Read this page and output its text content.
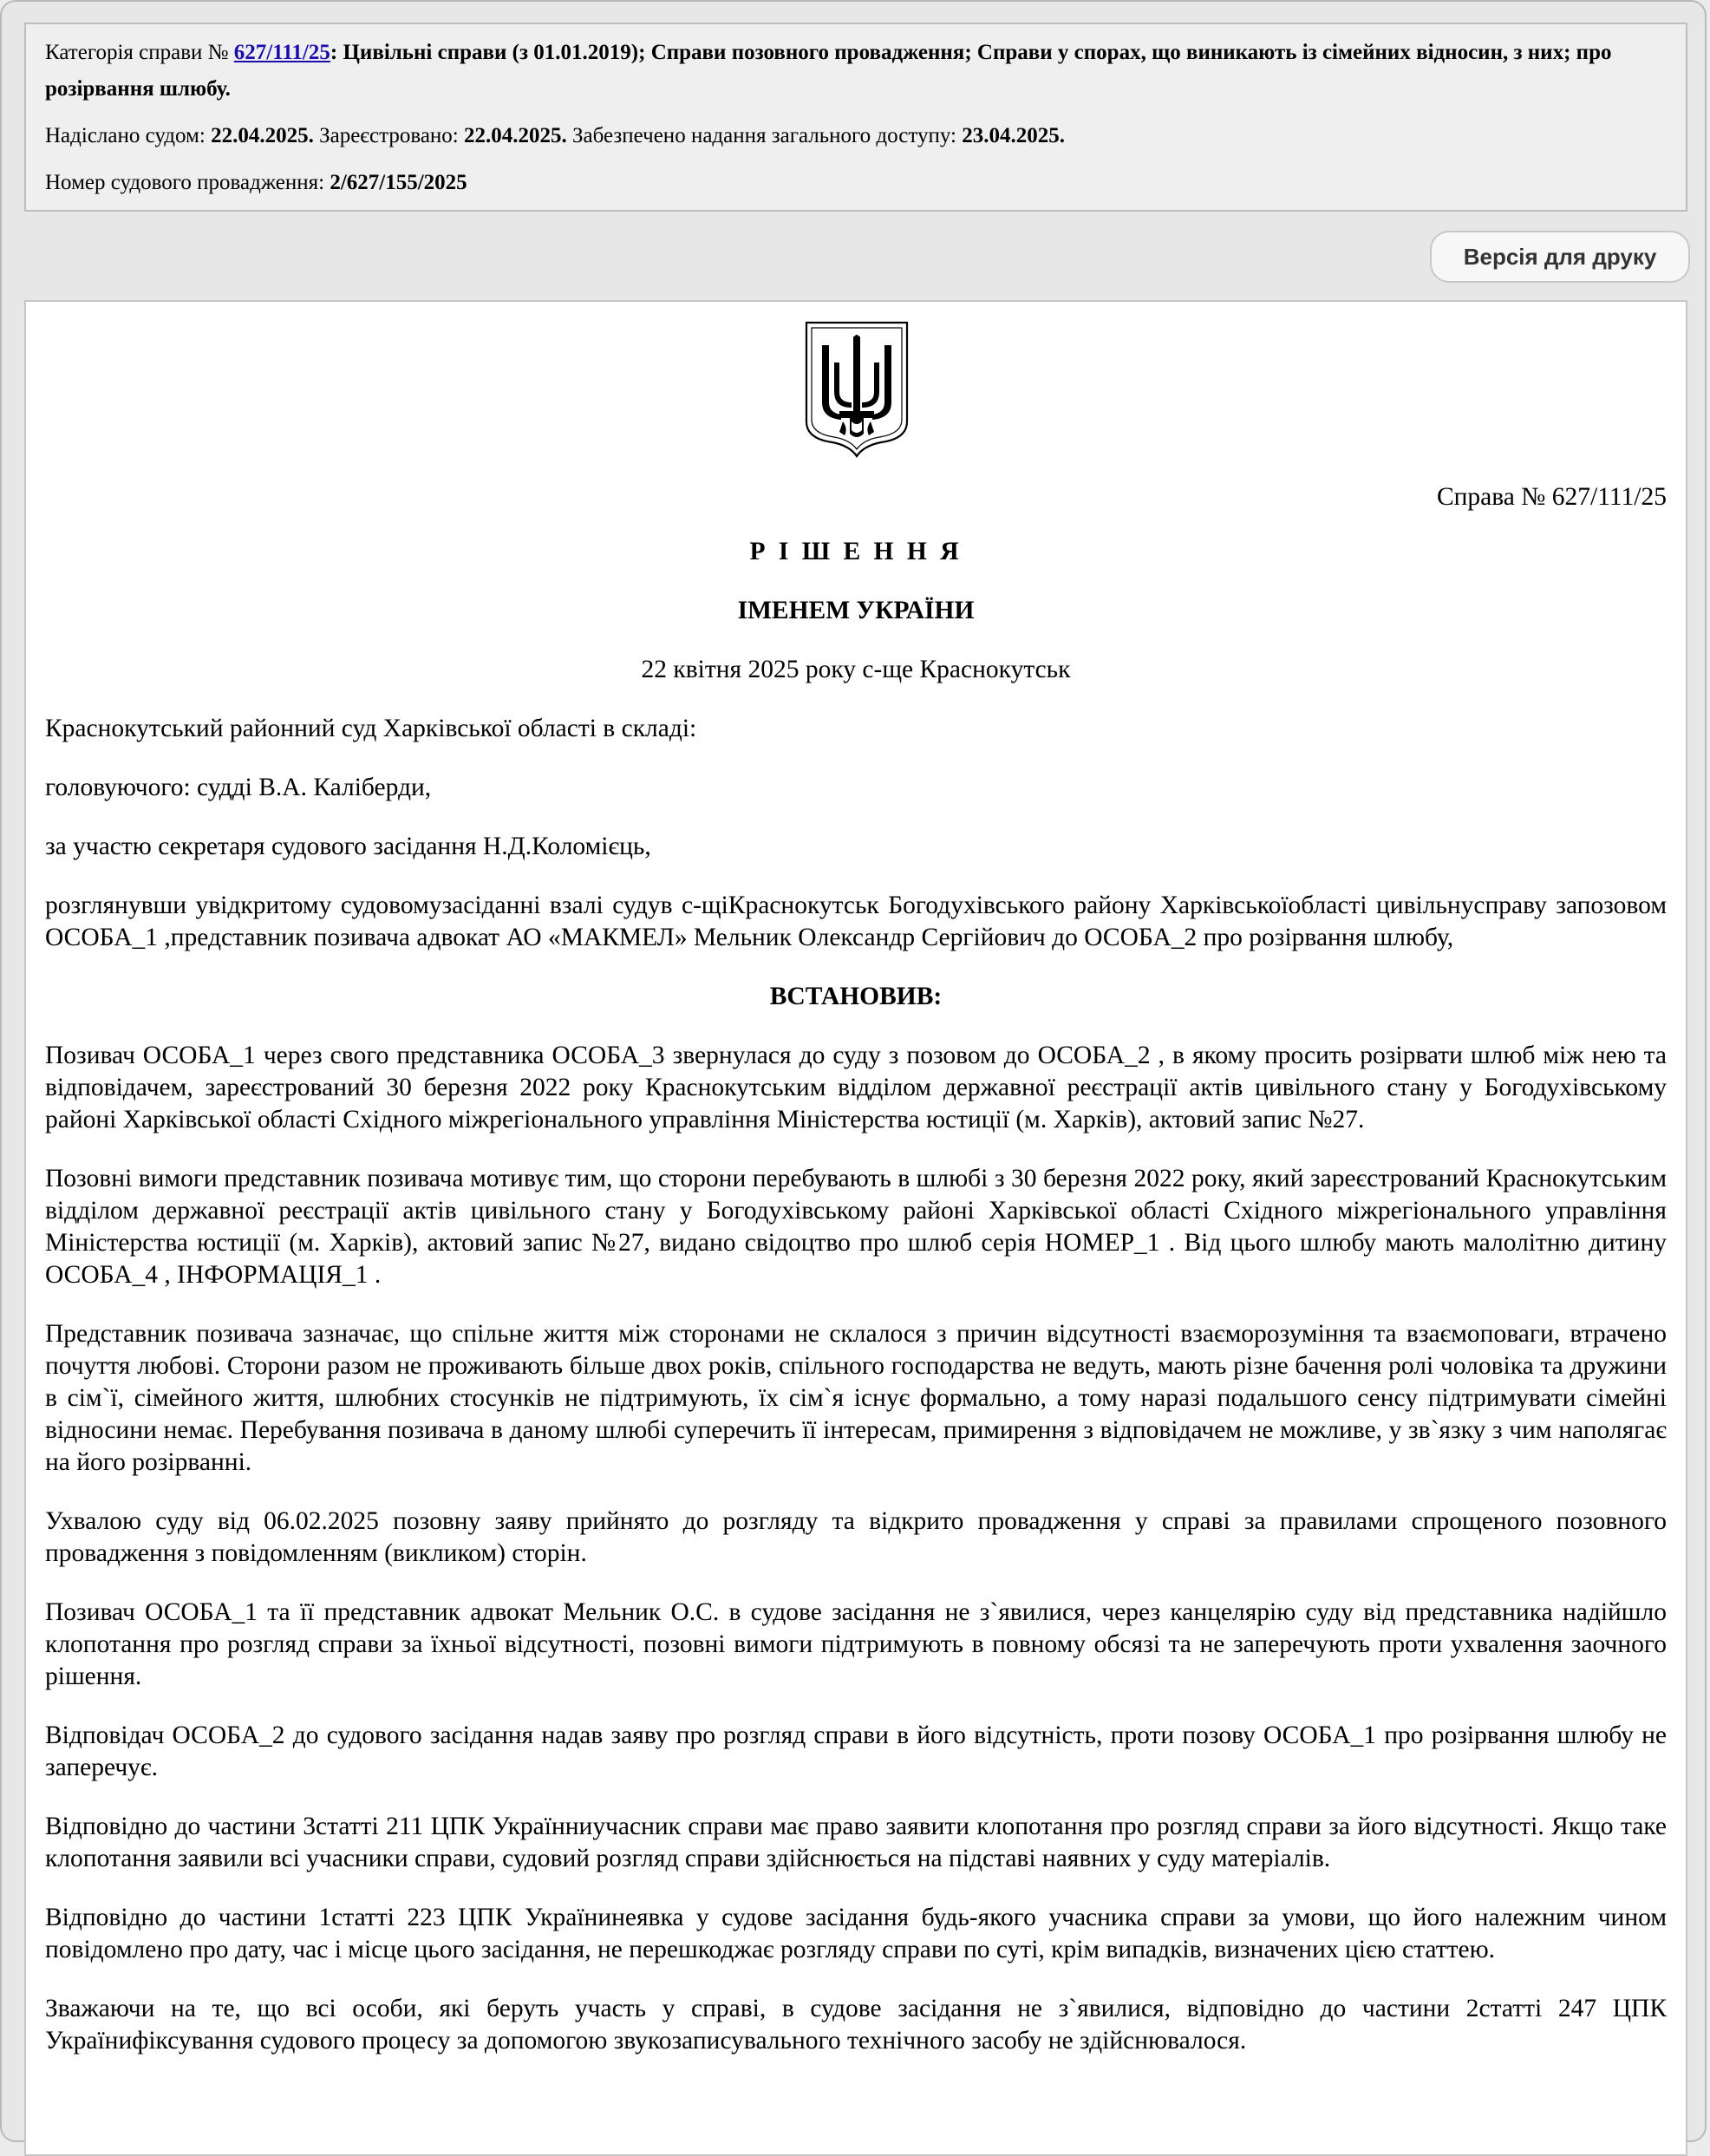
Категорія справи № 627/111/25: Цивільні справи (з 01.01.2019); Справи позовного провадження; Справи у спорах, що виникають із сімейних відносин, з них; про розірвання шлюбу.

Надіслано судом: 22.04.2025. Зареєстровано: 22.04.2025. Забезпечено надання загального доступу: 23.04.2025.

Номер судового провадження: 2/627/155/2025

Версія для друку

Справа № 627/111/25

Р І Ш Е Н Н Я

ІМЕНЕМ УКРАЇНИ

22 квітня 2025 року с-ще Краснокутськ

Краснокутський районний суд Харківської області в складі:

головуючого: судді В.А. Каліберди,

за участю секретаря судового засідання Н.Д.Коломієць,

розглянувши увідкритому судовомузасіданні взалі судув с-щіКраснокутськ Богодухівського району Харківськоїобласті цивільнусправу запозовом ОСОБА_1 ,представник позивача адвокат АО «МАКМЕЛ» Мельник Олександр Сергійович до ОСОБА_2 про розірвання шлюбу,

ВСТАНОВИВ:

Позивач ОСОБА_1 через свого представника ОСОБА_3 звернулася до суду з позовом до ОСОБА_2 , в якому просить розірвати шлюб між нею та відповідачем, зареєстрований 30 березня 2022 року Краснокутським відділом державної реєстрації актів цивільного стану у Богодухівському районі Харківської області Східного міжрегіонального управління Міністерства юстиції (м. Харків), актовий запис №27.

Позовні вимоги представник позивача мотивує тим, що сторони перебувають в шлюбі з 30 березня 2022 року, який зареєстрований Краснокутським відділом державної реєстрації актів цивільного стану у Богодухівському районі Харківської області Східного міжрегіонального управління Міністерства юстиції (м. Харків), актовий запис №27, видано свідоцтво про шлюб серія НОМЕР_1 . Від цього шлюбу мають малолітню дитину ОСОБА_4 , ІНФОРМАЦІЯ_1 .

Представник позивача зазначає, що спільне життя між сторонами не склалося з причин відсутності взаєморозуміння та взаємоповаги, втрачено почуття любові. Сторони разом не проживають більше двох років, спільного господарства не ведуть, мають різне бачення ролі чоловіка та дружини в сім`ї, сімейного життя, шлюбних стосунків не підтримують, їх сім`я існує формально, а тому наразі подальшого сенсу підтримувати сімейні відносини немає. Перебування позивача в даному шлюбі суперечить її інтересам, примирення з відповідачем не можливе, у зв`язку з чим наполягає на його розірванні.

Ухвалою суду від 06.02.2025 позовну заяву прийнято до розгляду та відкрито провадження у справі за правилами спрощеного позовного провадження з повідомленням (викликом) сторін.

Позивач ОСОБА_1 та її представник адвокат Мельник О.С. в судове засідання не з`явилися, через канцелярію суду від представника надійшло клопотання про розгляд справи за їхньої відсутності, позовні вимоги підтримують в повному обсязі та не заперечують проти ухвалення заочного рішення.

Відповідач ОСОБА_2 до судового засідання надав заяву про розгляд справи в його відсутність, проти позову ОСОБА_1 про розірвання шлюбу не заперечує.

Відповідно до частини 3статті 211 ЦПК Українниучасник справи має право заявити клопотання про розгляд справи за його відсутності. Якщо таке клопотання заявили всі учасники справи, судовий розгляд справи здійснюється на підставі наявних у суду матеріалів.

Відповідно до частини 1статті 223 ЦПК Українинеявка у судове засідання будь-якого учасника справи за умови, що його належним чином повідомлено про дату, час і місце цього засідання, не перешкоджає розгляду справи по суті, крім випадків, визначених цією статтею.

Зважаючи на те, що всі особи, які беруть участь у справі, в судове засідання не з`явилися, відповідно до частини 2статті 247 ЦПК Українифіксування судового процесу за допомогою звукозаписувального технічного засобу не здійснювалося.
